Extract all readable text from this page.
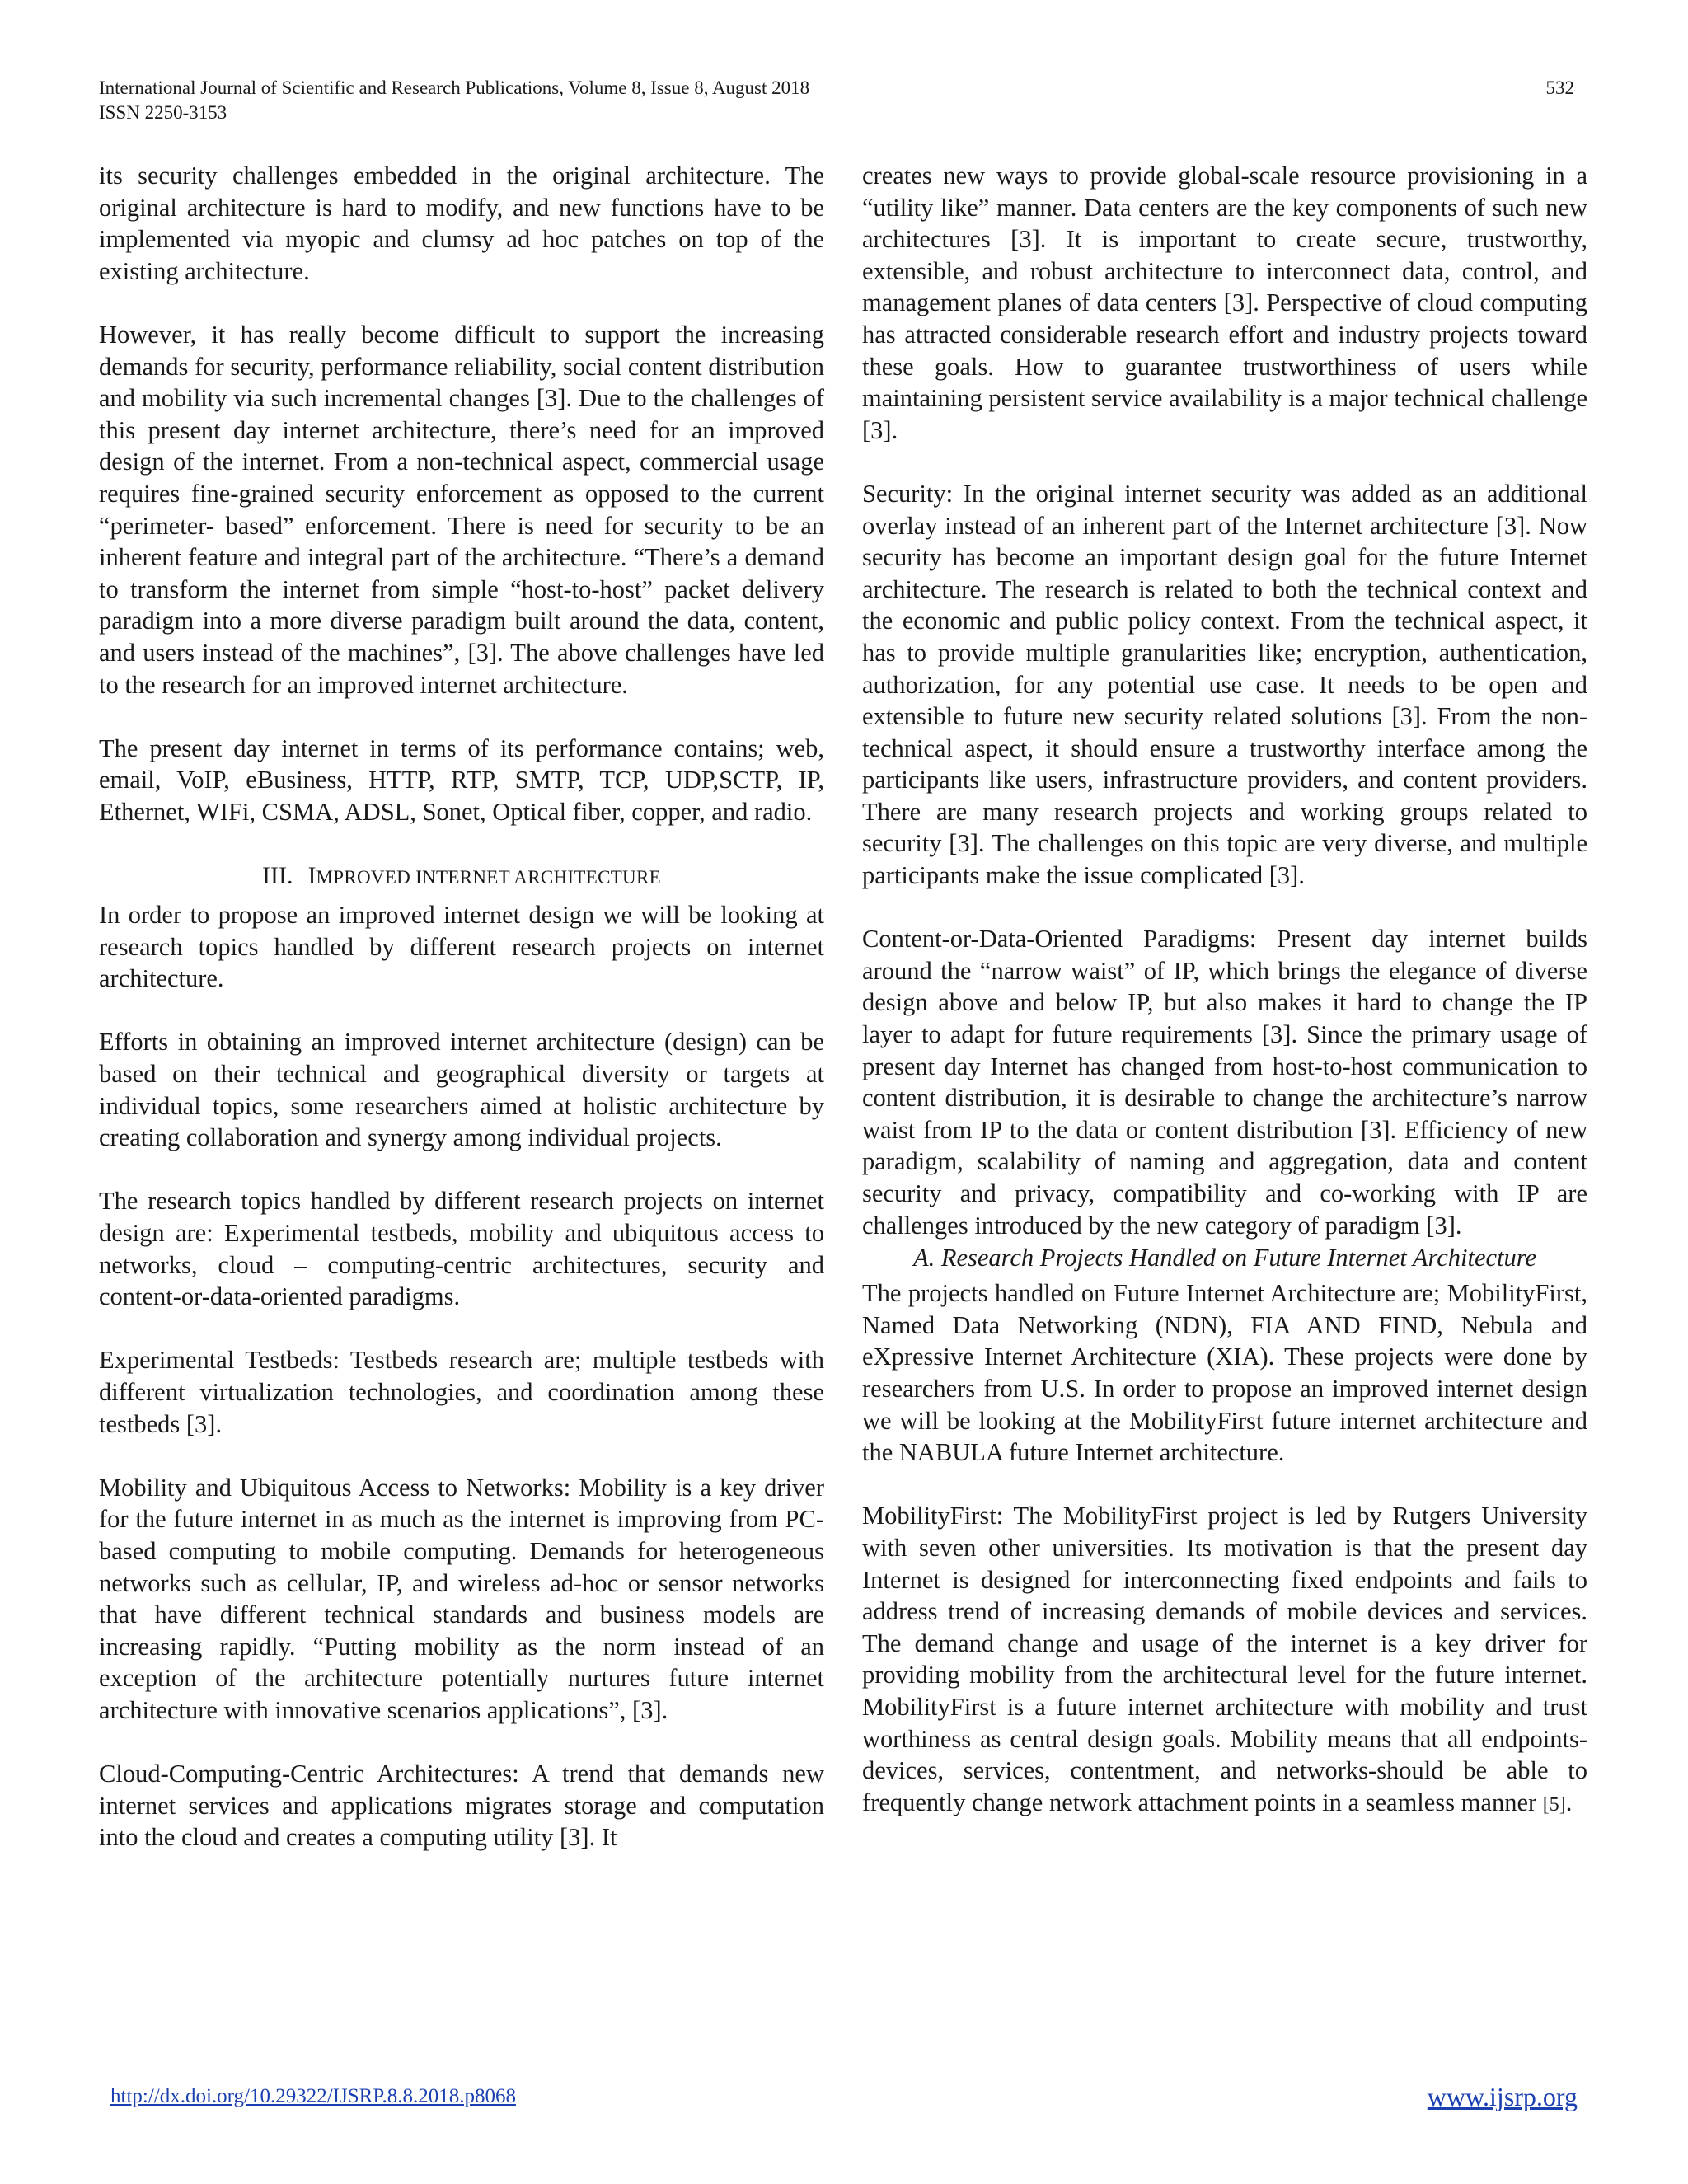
International Journal of Scientific and Research Publications, Volume 8, Issue 8, August 2018
ISSN 2250-3153
532

its security challenges embedded in the original architecture. The original architecture is hard to modify, and new functions have to be implemented via myopic and clumsy ad hoc patches on top of the existing architecture.

However, it has really become difficult to support the increasing demands for security, performance reliability, social content distribution and mobility via such incremental changes [3]. Due to the challenges of this present day internet architecture, there’s need for an improved design of the internet. From a non-technical aspect, commercial usage requires fine-grained security enforcement as opposed to the current “perimeter- based” enforcement. There is need for security to be an inherent feature and integral part of the architecture. “There’s a demand to transform the internet from simple “host-to-host” packet delivery paradigm into a more diverse paradigm built around the data, content, and users instead of the machines”, [3]. The above challenges have led to the research for an improved internet architecture.

The present day internet in terms of its performance contains; web, email, VoIP, eBusiness, HTTP, RTP, SMTP, TCP, UDP,SCTP, IP, Ethernet, WIFi, CSMA, ADSL, Sonet, Optical fiber, copper, and radio.

III. IMPROVED INTERNET ARCHITECTURE

In order to propose an improved internet design we will be looking at research topics handled by different research projects on internet architecture.

Efforts in obtaining an improved internet architecture (design) can be based on their technical and geographical diversity or targets at individual topics, some researchers aimed at holistic architecture by creating collaboration and synergy among individual projects.

The research topics handled by different research projects on internet design are: Experimental testbeds, mobility and ubiquitous access to networks, cloud – computing-centric architectures, security and content-or-data-oriented paradigms.

Experimental Testbeds: Testbeds research are; multiple testbeds with different virtualization technologies, and coordination among these testbeds [3].

Mobility and Ubiquitous Access to Networks: Mobility is a key driver for the future internet in as much as the internet is improving from PC-based computing to mobile computing. Demands for heterogeneous networks such as cellular, IP, and wireless ad-hoc or sensor networks that have different technical standards and business models are increasing rapidly. “Putting mobility as the norm instead of an exception of the architecture potentially nurtures future internet architecture with innovative scenarios applications”, [3].

Cloud-Computing-Centric Architectures: A trend that demands new internet services and applications migrates storage and computation into the cloud and creates a computing utility [3]. It

creates new ways to provide global-scale resource provisioning in a “utility like” manner. Data centers are the key components of such new architectures [3]. It is important to create secure, trustworthy, extensible, and robust architecture to interconnect data, control, and management planes of data centers [3]. Perspective of cloud computing has attracted considerable research effort and industry projects toward these goals. How to guarantee trustworthiness of users while maintaining persistent service availability is a major technical challenge [3].

Security: In the original internet security was added as an additional overlay instead of an inherent part of the Internet architecture [3]. Now security has become an important design goal for the future Internet architecture. The research is related to both the technical context and the economic and public policy context. From the technical aspect, it has to provide multiple granularities like; encryption, authentication, authorization, for any potential use case. It needs to be open and extensible to future new security related solutions [3]. From the non-technical aspect, it should ensure a trustworthy interface among the participants like users, infrastructure providers, and content providers. There are many research projects and working groups related to security [3]. The challenges on this topic are very diverse, and multiple participants make the issue complicated [3].

Content-or-Data-Oriented Paradigms: Present day internet builds around the “narrow waist” of IP, which brings the elegance of diverse design above and below IP, but also makes it hard to change the IP layer to adapt for future requirements [3]. Since the primary usage of present day Internet has changed from host-to-host communication to content distribution, it is desirable to change the architecture’s narrow waist from IP to the data or content distribution [3]. Efficiency of new paradigm, scalability of naming and aggregation, data and content security and privacy, compatibility and co-working with IP are challenges introduced by the new category of paradigm [3].

A. Research Projects Handled on Future Internet Architecture

The projects handled on Future Internet Architecture are; MobilityFirst, Named Data Networking (NDN), FIA AND FIND, Nebula and eXpressive Internet Architecture (XIA). These projects were done by researchers from U.S. In order to propose an improved internet design we will be looking at the MobilityFirst future internet architecture and the NABULA future Internet architecture.

MobilityFirst: The MobilityFirst project is led by Rutgers University with seven other universities. Its motivation is that the present day Internet is designed for interconnecting fixed endpoints and fails to address trend of increasing demands of mobile devices and services. The demand change and usage of the internet is a key driver for providing mobility from the architectural level for the future internet. MobilityFirst is a future internet architecture with mobility and trust worthiness as central design goals. Mobility means that all endpoints-devices, services, contentment, and networks-should be able to frequently change network attachment points in a seamless manner [5].

http://dx.doi.org/10.29322/IJSRP.8.8.2018.p8068	www.ijsrp.org
